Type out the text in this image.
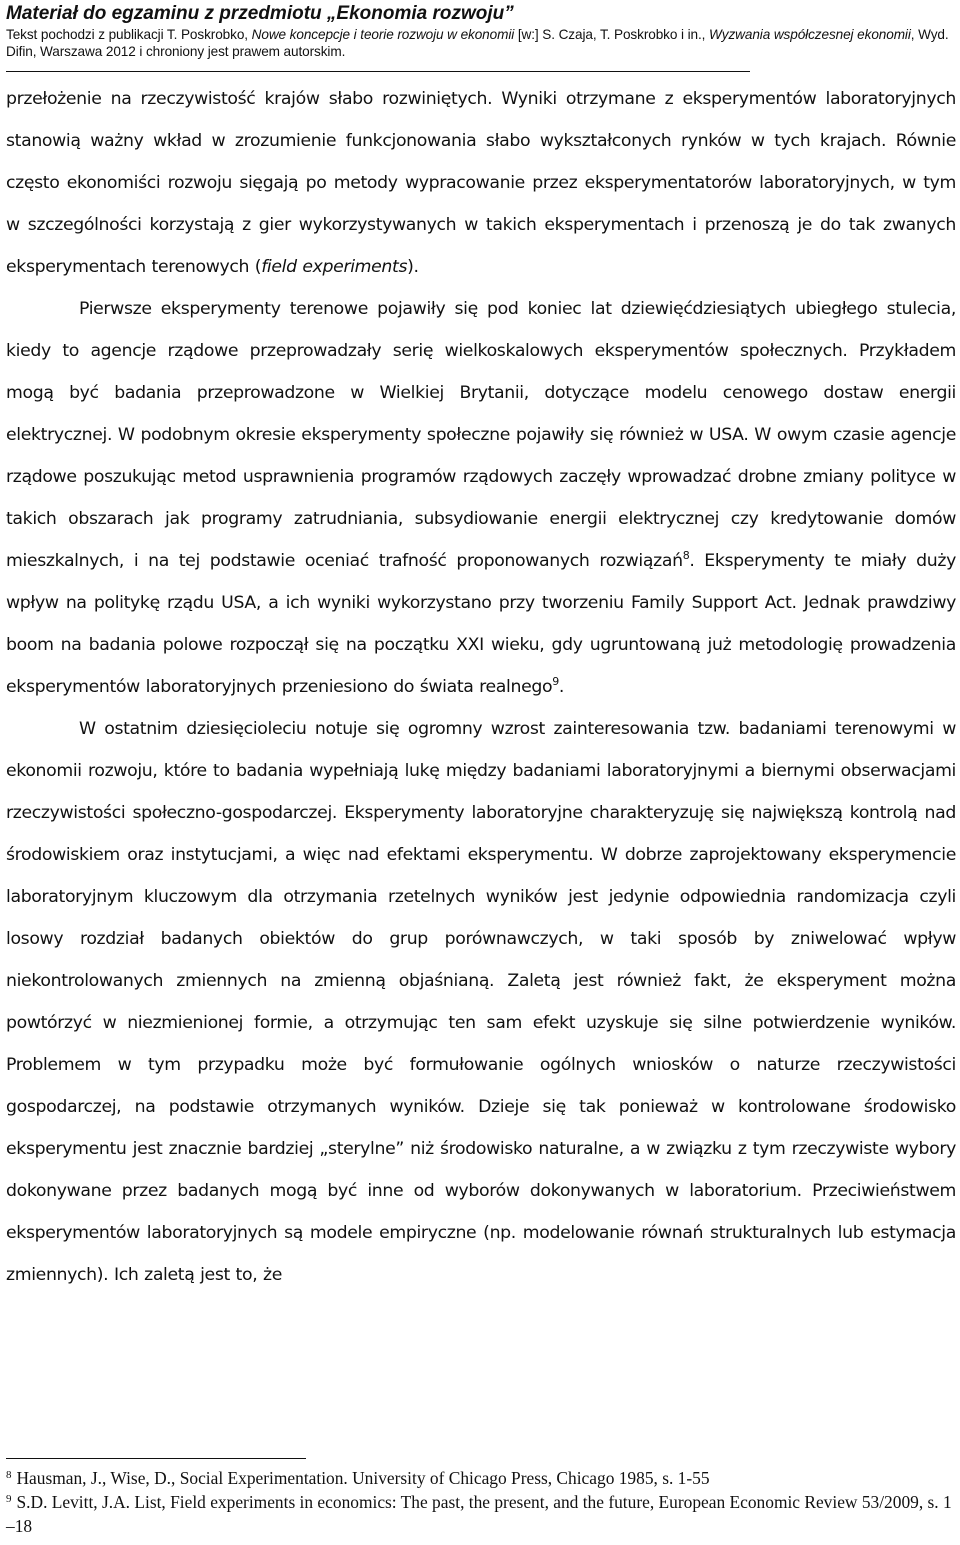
Materiał do egzaminu z przedmiotu „Ekonomia rozwoju”
Tekst pochodzi z publikacji T. Poskrobko, Nowe koncepcje i teorie rozwoju w ekonomii [w:] S. Czaja, T. Poskrobko i in., Wyzwania współczesnej ekonomii, Wyd. Difin, Warszawa 2012 i chroniony jest prawem autorskim.

przełożenie na rzeczywistość krajów słabo rozwiniętych. Wyniki otrzymane z eksperymentów laboratoryjnych stanowią ważny wkład w zrozumienie funkcjonowania słabo wykształconych rynków w tych krajach. Równie często ekonomiści rozwoju sięgają po metody wypracowanie przez eksperymentatorów laboratoryjnych, w tym w szczególności korzystają z gier wykorzystywanych w takich eksperymentach i przenoszą je do tak zwanych eksperymentach terenowych (field experiments).

Pierwsze eksperymenty terenowe pojawiły się pod koniec lat dziewięćdziesiątych ubiegłego stulecia, kiedy to agencje rządowe przeprowadzały serię wielkoskalowych eksperymentów społecznych. Przykładem mogą być badania przeprowadzone w Wielkiej Brytanii, dotyczące modelu cenowego dostaw energii elektrycznej. W podobnym okresie eksperymenty społeczne pojawiły się również w USA. W owym czasie agencje rządowe poszukując metod usprawnienia programów rządowych zaczęły wprowadzać drobne zmiany polityce w takich obszarach jak programy zatrudniania, subsydiowanie energii elektrycznej czy kredytowanie domów mieszkalnych, i na tej podstawie oceniać trafność proponowanych rozwiązań$^8$. Eksperymenty te miały duży wpływ na politykę rządu USA, a ich wyniki wykorzystano przy tworzeniu Family Support Act. Jednak prawdziwy boom na badania polowe rozpoczął się na początku XXI wieku, gdy ugruntowaną już metodologię prowadzenia eksperymentów laboratoryjnych przeniesiono do świata realnego$^9$.

W ostatnim dziesięcioleciu notuje się ogromny wzrost zainteresowania tzw. badaniami terenowymi w ekonomii rozwoju, które to badania wypełniają lukę między badaniami laboratoryjnymi a biernymi obserwacjami rzeczywistości społeczno-gospodarczej. Eksperymenty laboratoryjne charakteryzuję się największą kontrolą nad środowiskiem oraz instytucjami, a więc nad efektami eksperymentu. W dobrze zaprojektowany eksperymencie laboratoryjnym kluczowym dla otrzymania rzetelnych wyników jest jedynie odpowiednia randomizacja czyli losowy rozdział badanych obiektów do grup porównawczych, w taki sposób by zniwelować wpływ niekontrolowanych zmiennych na zmienną objaśnianą. Zaletą jest również fakt, że eksperyment można powtórzyć w niezmienionej formie, a otrzymując ten sam efekt uzyskuje się silne potwierdzenie wyników. Problemem w tym przypadku może być formułowanie ogólnych wniosków o naturze rzeczywistości gospodarczej, na podstawie otrzymanych wyników. Dzieje się tak ponieważ w kontrolowane środowisko eksperymentu jest znacznie bardziej „sterylne” niż środowisko naturalne, a w związku z tym rzeczywiste wybory dokonywane przez badanych mogą być inne od wyborów dokonywanych w laboratorium. Przeciwieństwem eksperymentów laboratoryjnych są modele empiryczne (np. modelowanie równań strukturalnych lub estymacja zmiennych). Ich zaletą jest to, że

$^8$ Hausman, J., Wise, D., Social Experimentation. University of Chicago Press, Chicago 1985, s. 1-55

$^9$ S.D. Levitt, J.A. List, Field experiments in economics: The past, the present, and the future, European Economic Review 53/2009, s. 1 –18
